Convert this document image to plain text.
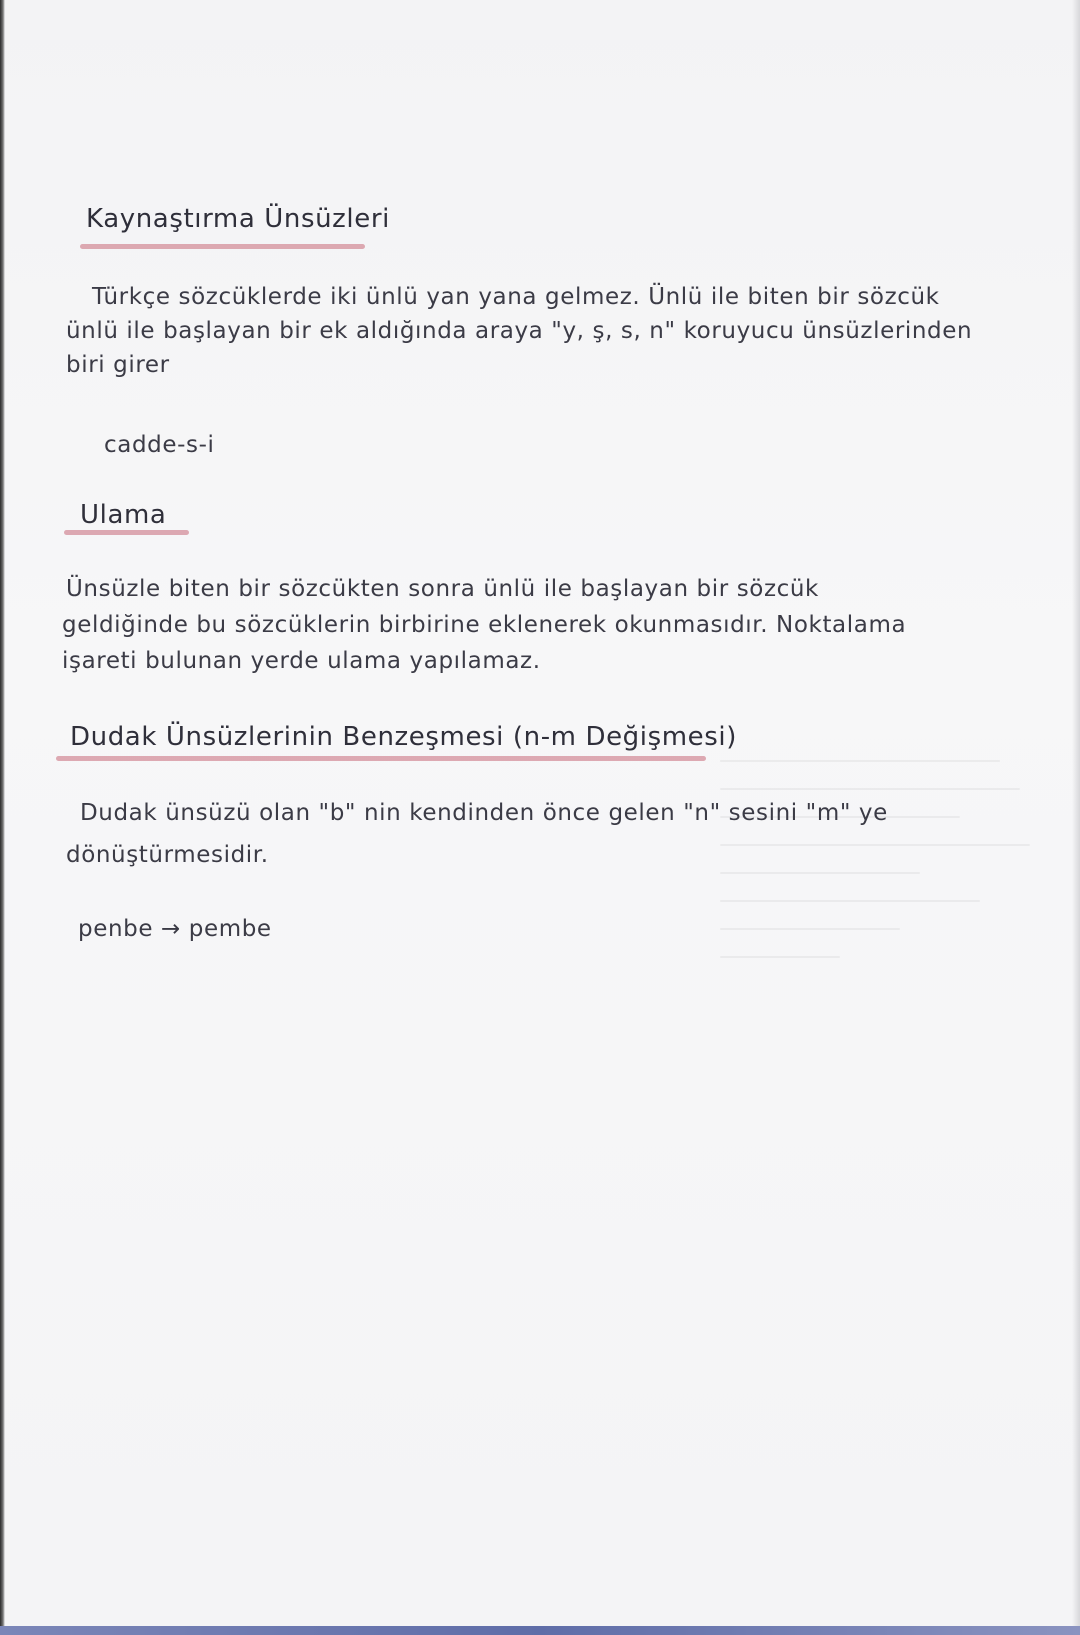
Kaynaştırma Ünsüzleri
Türkçe sözcüklerde iki ünlü yan yana gelmez. Ünlü ile biten bir sözcük
ünlü ile başlayan bir ek aldığında araya "y, ş, s, n" koruyucu ünsüzlerinden
biri girer
cadde-s-i
Ulama
Ünsüzle biten bir sözcükten sonra ünlü ile başlayan bir sözcük
geldiğinde bu sözcüklerin birbirine eklenerek okunmasıdır. Noktalama
işareti bulunan yerde ulama yapılamaz.
Dudak Ünsüzlerinin Benzeşmesi (n-m Değişmesi)
Dudak ünsüzü olan "b" nin kendinden önce gelen "n" sesini "m" ye
dönüştürmesidir.
penbe → pembe
